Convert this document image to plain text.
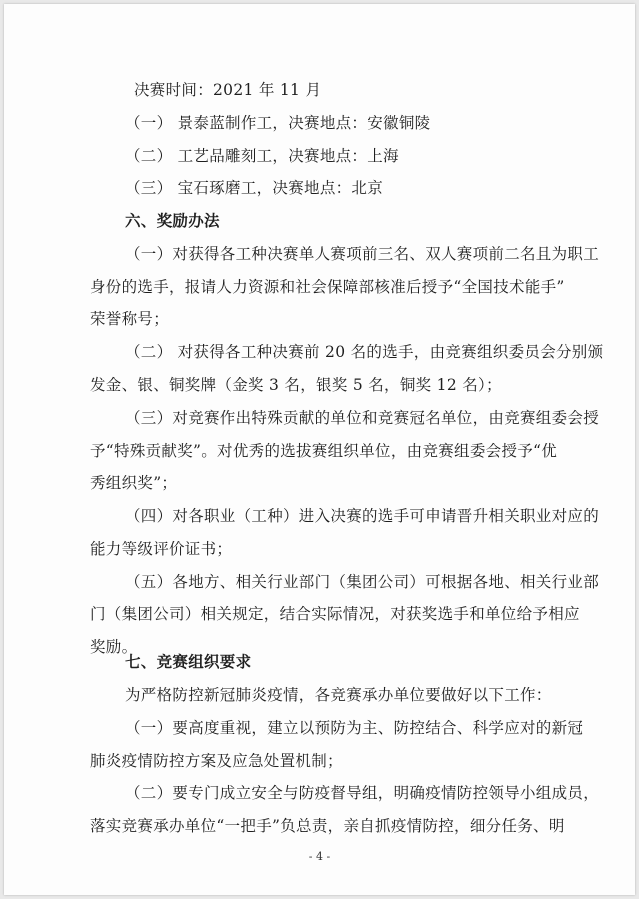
决赛时间：2021 年 11 月
（一） 景泰蓝制作工，决赛地点：安徽铜陵
（二） 工艺品雕刻工，决赛地点：上海
（三） 宝石琢磨工，决赛地点：北京
六、奖励办法
（一）对获得各工种决赛单人赛项前三名、双人赛项前二名且为职工
身份的选手，报请人力资源和社会保障部核准后授予“全国技术能手”
荣誉称号；
（二） 对获得各工种决赛前 20 名的选手，由竞赛组织委员会分别颁
发金、银、铜奖牌（金奖 3 名，银奖 5 名，铜奖 12 名）；
（三）对竞赛作出特殊贡献的单位和竞赛冠名单位，由竞赛组委会授
予“特殊贡献奖”。对优秀的选拔赛组织单位，由竞赛组委会授予“优
秀组织奖”；
（四）对各职业（工种）进入决赛的选手可申请晋升相关职业对应的
能力等级评价证书；
（五）各地方、相关行业部门（集团公司）可根据各地、相关行业部
门（集团公司）相关规定，结合实际情况，对获奖选手和单位给予相应
奖励。
七、竞赛组织要求
为严格防控新冠肺炎疫情，各竞赛承办单位要做好以下工作：
（一）要高度重视，建立以预防为主、防控结合、科学应对的新冠
肺炎疫情防控方案及应急处置机制；
（二）要专门成立安全与防疫督导组，明确疫情防控领导小组成员，
落实竞赛承办单位“一把手”负总责，亲自抓疫情防控，细分任务、明
- 4 -
